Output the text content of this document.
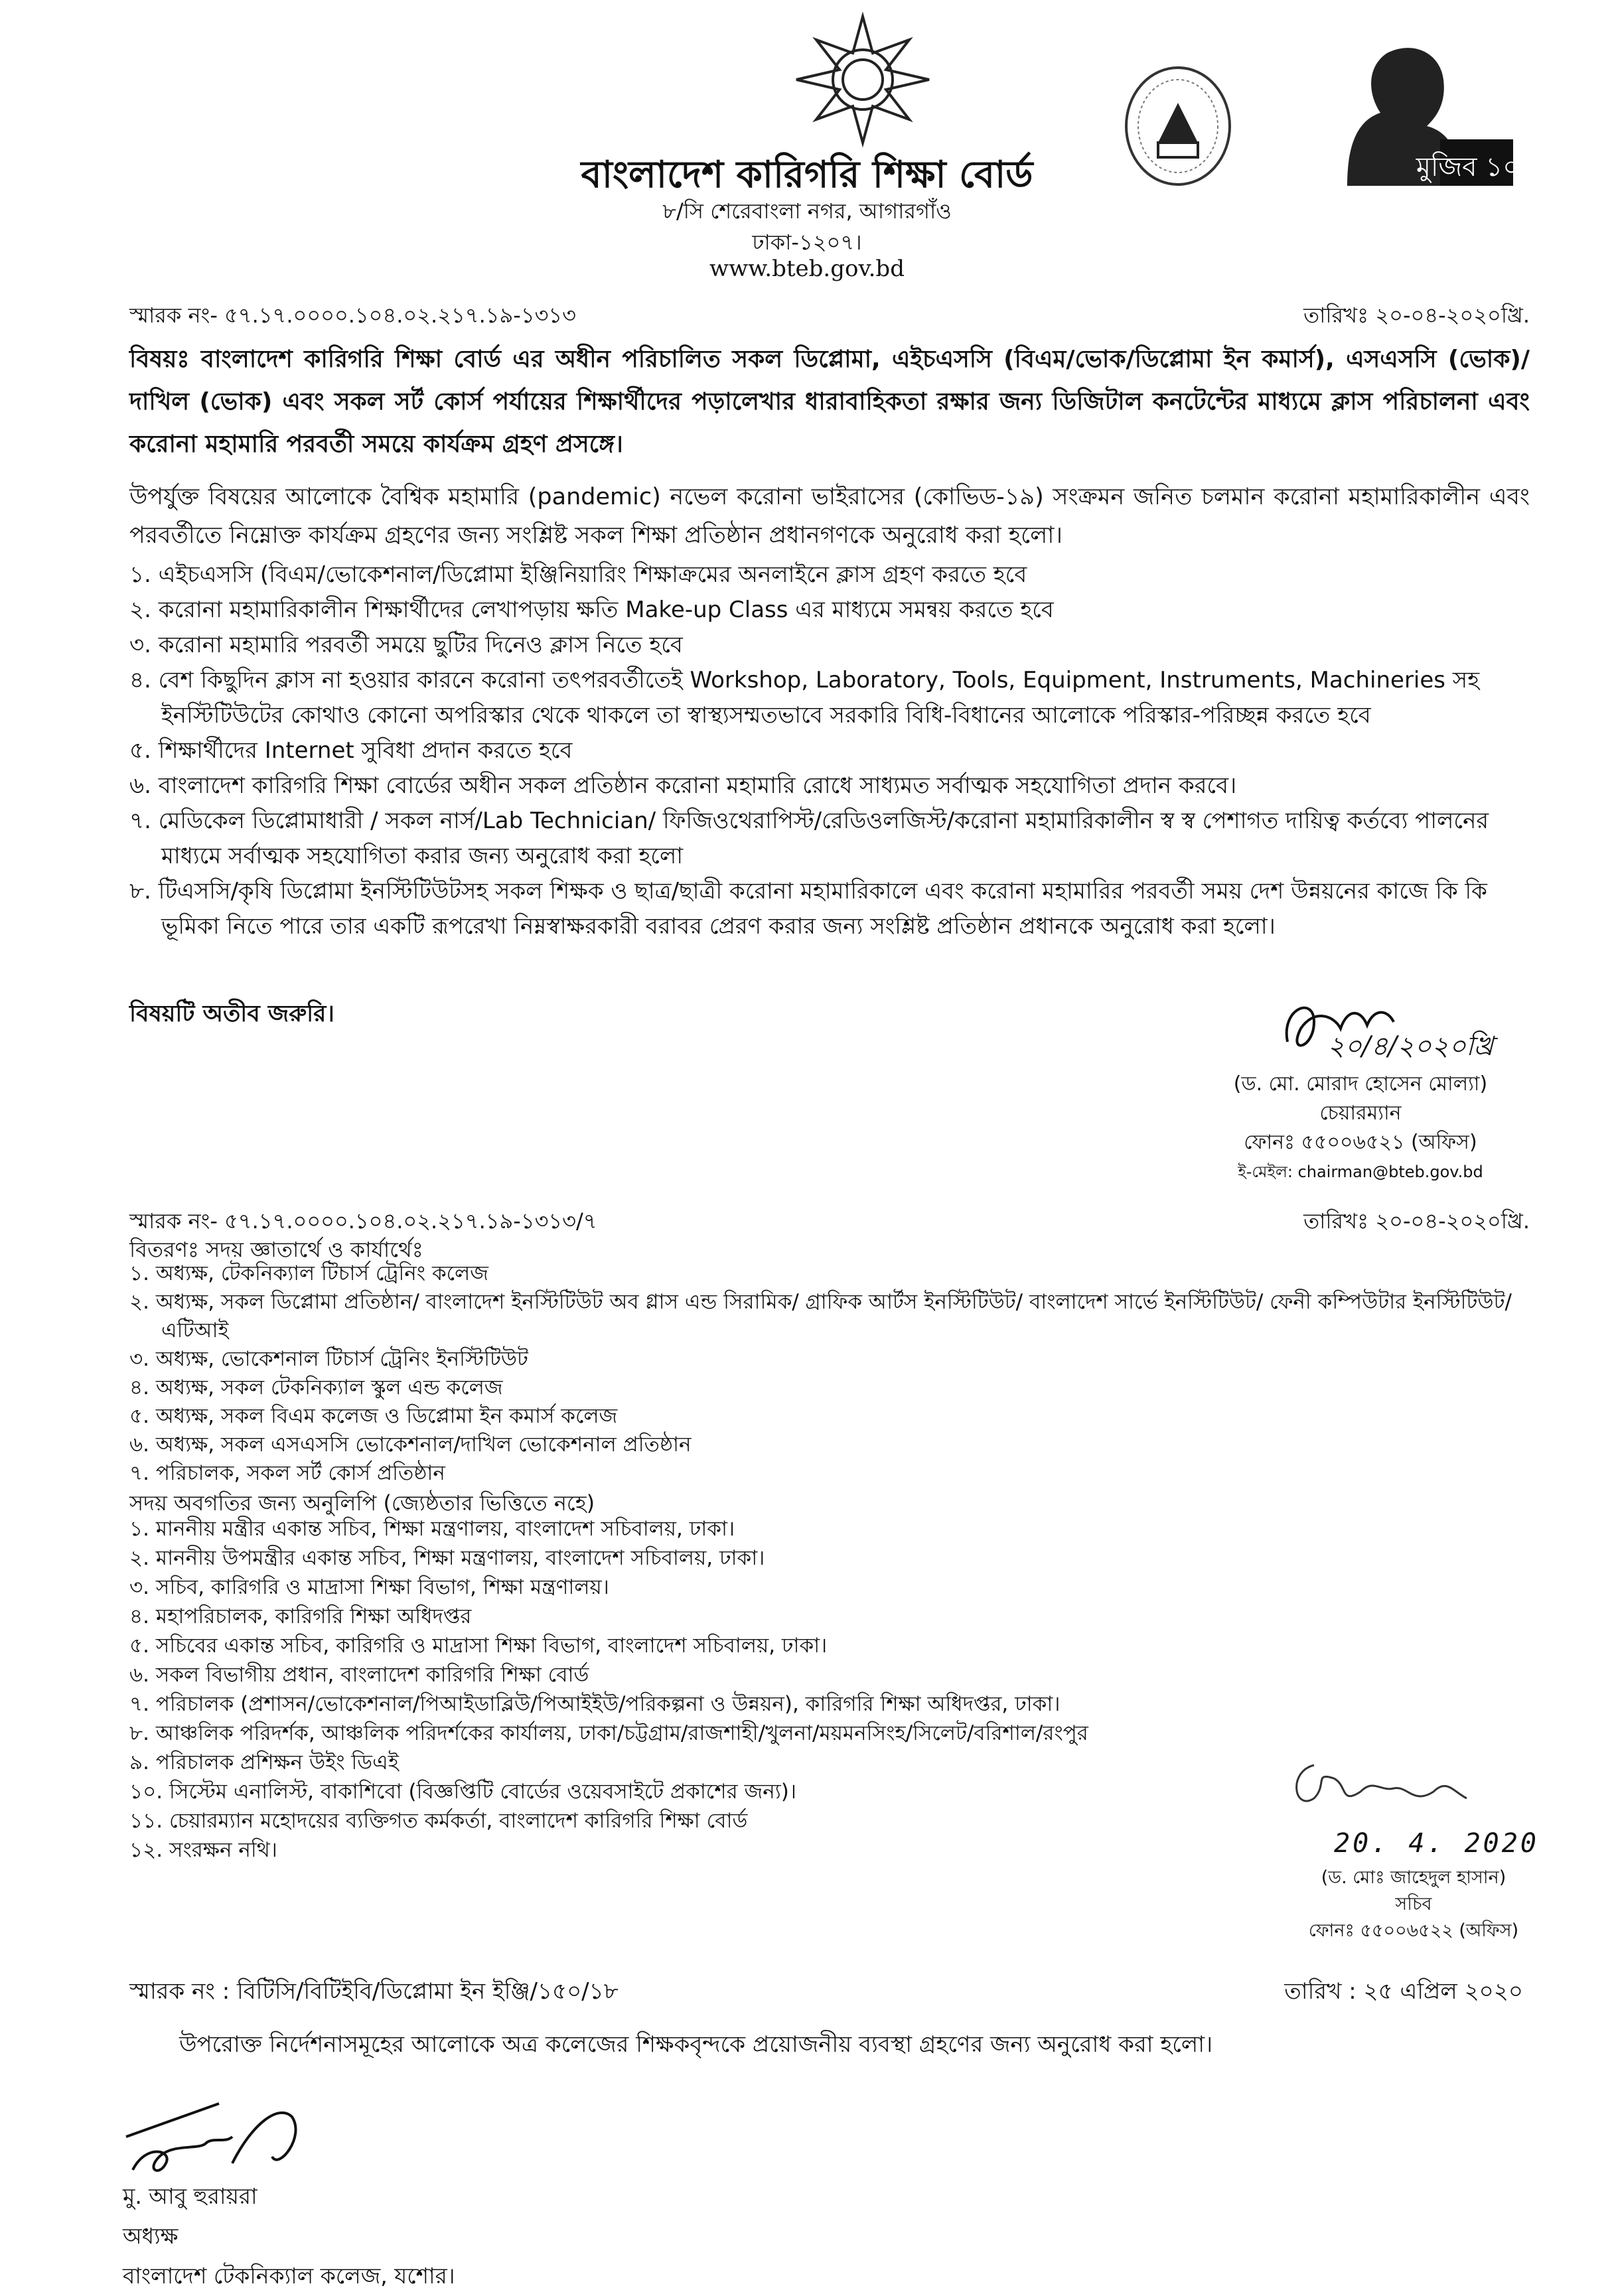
মুজিব ১০০
বাংলাদেশ কারিগরি শিক্ষা বোর্ড
৮/সি শেরেবাংলা নগর, আগারগাঁও
ঢাকা-১২০৭।
www.bteb.gov.bd
স্মারক নং- ৫৭.১৭.০০০০.১০৪.০২.২১৭.১৯-১৩১৩	তারিখঃ ২০-০৪-২০২০খ্রি.
বিষয়ঃ বাংলাদেশ কারিগরি শিক্ষা বোর্ড এর অধীন পরিচালিত সকল ডিপ্লোমা, এইচএসসি (বিএম/ভোক/ডিপ্লোমা ইন কমার্স), এসএসসি (ভোক)/দাখিল (ভোক) এবং সকল সর্ট কোর্স পর্যায়ের শিক্ষার্থীদের পড়ালেখার ধারাবাহিকতা রক্ষার জন্য ডিজিটাল কনটেন্টের মাধ্যমে ক্লাস পরিচালনা এবং করোনা মহামারি পরবর্তী সময়ে কার্যক্রম গ্রহণ প্রসঙ্গে।
উপর্যুক্ত বিষয়ের আলোকে বৈশ্বিক মহামারি (pandemic) নভেল করোনা ভাইরাসের (কোভিড-১৯) সংক্রমন জনিত চলমান করোনা মহামারিকালীন এবং পরবর্তীতে নিম্নোক্ত কার্যক্রম গ্রহণের জন্য সংশ্লিষ্ট সকল শিক্ষা প্রতিষ্ঠান প্রধানগণকে অনুরোধ করা হলো।
১. এইচএসসি (বিএম/ভোকেশনাল/ডিপ্লোমা ইঞ্জিনিয়ারিং শিক্ষাক্রমের অনলাইনে ক্লাস গ্রহণ করতে হবে
২. করোনা মহামারিকালীন শিক্ষার্থীদের লেখাপড়ায় ক্ষতি Make-up Class এর মাধ্যমে সমন্বয় করতে হবে
৩. করোনা মহামারি পরবর্তী সময়ে ছুটির দিনেও ক্লাস নিতে হবে
৪. বেশ কিছুদিন ক্লাস না হওয়ার কারনে করোনা তৎপরবর্তীতেই Workshop, Laboratory, Tools, Equipment, Instruments, Machineries সহ ইনস্টিটিউটের কোথাও কোনো অপরিস্কার থেকে থাকলে তা স্বাস্থ্যসম্মতভাবে সরকারি বিধি-বিধানের আলোকে পরিস্কার-পরিচ্ছন্ন করতে হবে
৫. শিক্ষার্থীদের Internet সুবিধা প্রদান করতে হবে
৬. বাংলাদেশ কারিগরি শিক্ষা বোর্ডের অধীন সকল প্রতিষ্ঠান করোনা মহামারি রোধে সাধ্যমত সর্বাত্মক সহযোগিতা প্রদান করবে।
৭. মেডিকেল ডিপ্লোমাধারী / সকল নার্স/Lab Technician/ ফিজিওথেরাপিস্ট/রেডিওলজিস্ট/করোনা মহামারিকালীন স্ব স্ব পেশাগত দায়িত্ব কর্তব্যে পালনের মাধ্যমে সর্বাত্মক সহযোগিতা করার জন্য অনুরোধ করা হলো
৮. টিএসসি/কৃষি ডিপ্লোমা ইনস্টিটিউটসহ সকল শিক্ষক ও ছাত্র/ছাত্রী করোনা মহামারিকালে এবং করোনা মহামারির পরবর্তী সময় দেশ উন্নয়নের কাজে কি কি ভূমিকা নিতে পারে তার একটি রূপরেখা নিম্নস্বাক্ষরকারী বরাবর প্রেরণ করার জন্য সংশ্লিষ্ট প্রতিষ্ঠান প্রধানকে অনুরোধ করা হলো।
বিষয়টি অতীব জরুরি।
২০/৪/২০২০খ্রি
(ড. মো. মোরাদ হোসেন মোল্যা)
চেয়ারম্যান
ফোনঃ ৫৫০০৬৫২১ (অফিস)
ই-মেইল: chairman@bteb.gov.bd
স্মারক নং- ৫৭.১৭.০০০০.১০৪.০২.২১৭.১৯-১৩১৩/৭	তারিখঃ ২০-০৪-২০২০খ্রি.
বিতরণঃ সদয় জ্ঞাতার্থে ও কার্যার্থেঃ
১. অধ্যক্ষ, টেকনিক্যাল টিচার্স ট্রেনিং কলেজ
২. অধ্যক্ষ, সকল ডিপ্লোমা প্রতিষ্ঠান/ বাংলাদেশ ইনস্টিটিউট অব গ্লাস এন্ড সিরামিক/ গ্রাফিক আর্টস ইনস্টিটিউট/ বাংলাদেশ সার্ভে ইনস্টিটিউট/ ফেনী কম্পিউটার ইনস্টিটিউট/ এটিআই
৩. অধ্যক্ষ, ভোকেশনাল টিচার্স ট্রেনিং ইনস্টিটিউট
৪. অধ্যক্ষ, সকল টেকনিক্যাল স্কুল এন্ড কলেজ
৫. অধ্যক্ষ, সকল বিএম কলেজ ও ডিপ্লোমা ইন কমার্স কলেজ
৬. অধ্যক্ষ, সকল এসএসসি ভোকেশনাল/দাখিল ভোকেশনাল প্রতিষ্ঠান
৭. পরিচালক, সকল সর্ট কোর্স প্রতিষ্ঠান
সদয় অবগতির জন্য অনুলিপি (জ্যেষ্ঠতার ভিত্তিতে নহে)
১. মাননীয় মন্ত্রীর একান্ত সচিব, শিক্ষা মন্ত্রণালয়, বাংলাদেশ সচিবালয়, ঢাকা।
২. মাননীয় উপমন্ত্রীর একান্ত সচিব, শিক্ষা মন্ত্রণালয়, বাংলাদেশ সচিবালয়, ঢাকা।
৩. সচিব, কারিগরি ও মাদ্রাসা শিক্ষা বিভাগ, শিক্ষা মন্ত্রণালয়।
৪. মহাপরিচালক, কারিগরি শিক্ষা অধিদপ্তর
৫. সচিবের একান্ত সচিব, কারিগরি ও মাদ্রাসা শিক্ষা বিভাগ, বাংলাদেশ সচিবালয়, ঢাকা।
৬. সকল বিভাগীয় প্রধান, বাংলাদেশ কারিগরি শিক্ষা বোর্ড
৭. পরিচালক (প্রশাসন/ভোকেশনাল/পিআইডাব্লিউ/পিআইইউ/পরিকল্পনা ও উন্নয়ন), কারিগরি শিক্ষা অধিদপ্তর, ঢাকা।
৮. আঞ্চলিক পরিদর্শক, আঞ্চলিক পরিদর্শকের কার্যালয়, ঢাকা/চট্টগ্রাম/রাজশাহী/খুলনা/ময়মনসিংহ/সিলেট/বরিশাল/রংপুর
৯. পরিচালক প্রশিক্ষন উইং ডিএই
১০. সিস্টেম এনালিস্ট, বাকাশিবো (বিজ্ঞপ্তিটি বোর্ডের ওয়েবসাইটে প্রকাশের জন্য)।
১১. চেয়ারম্যান মহোদয়ের ব্যক্তিগত কর্মকর্তা, বাংলাদেশ কারিগরি শিক্ষা বোর্ড
১২. সংরক্ষন নথি।	20. 4. 2020
(ড. মোঃ জাহেদুল হাসান)
সচিব
ফোনঃ ৫৫০০৬৫২২ (অফিস)
স্মারক নং : বিটিসি/বিটিইবি/ডিপ্লোমা ইন ইঞ্জি/১৫০/১৮	তারিখ : ২৫ এপ্রিল ২০২০
উপরোক্ত নির্দেশনাসমূহের আলোকে অত্র কলেজের শিক্ষকবৃন্দকে প্রয়োজনীয় ব্যবস্থা গ্রহণের জন্য অনুরোধ করা হলো।
মু. আবু হুরায়রা
অধ্যক্ষ
বাংলাদেশ টেকনিক্যাল কলেজ, যশোর।
